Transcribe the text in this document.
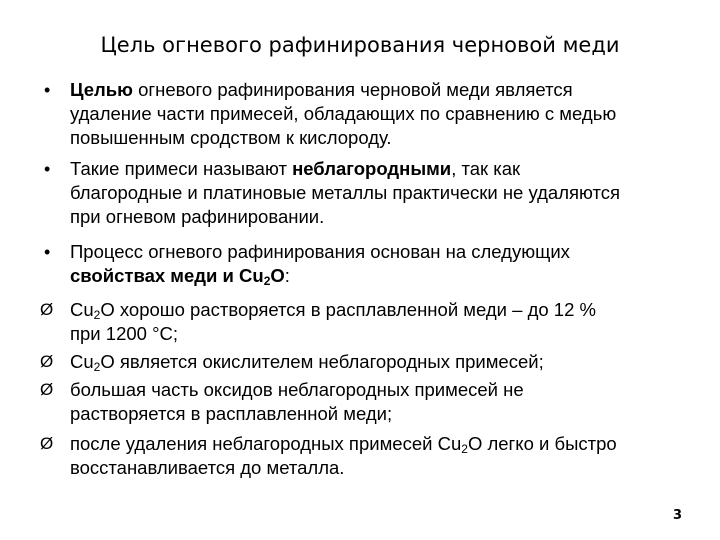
Цель огневого рафинирования черновой меди
•	Целью огневого рафинирования черновой меди является
удаление части примесей, обладающих по сравнению с медью
повышенным сродством к кислороду.
•	Такие примеси называют неблагородными, так как
благородные и платиновые металлы практически не удаляются
при огневом рафинировании.
•	Процесс огневого рафинирования основан на следующих
свойствах меди и $Cu_2O$:
Ø $Cu_2O$ хорошо растворяется в расплавленной меди – до 12 %
при 1200 °С;
Ø $Cu_2O$ является окислителем неблагородных примесей;
Ø большая часть оксидов неблагородных примесей не
растворяется в расплавленной меди;
Ø после удаления неблагородных примесей $Cu_2O$ легко и быстро
восстанавливается до металла.
3
